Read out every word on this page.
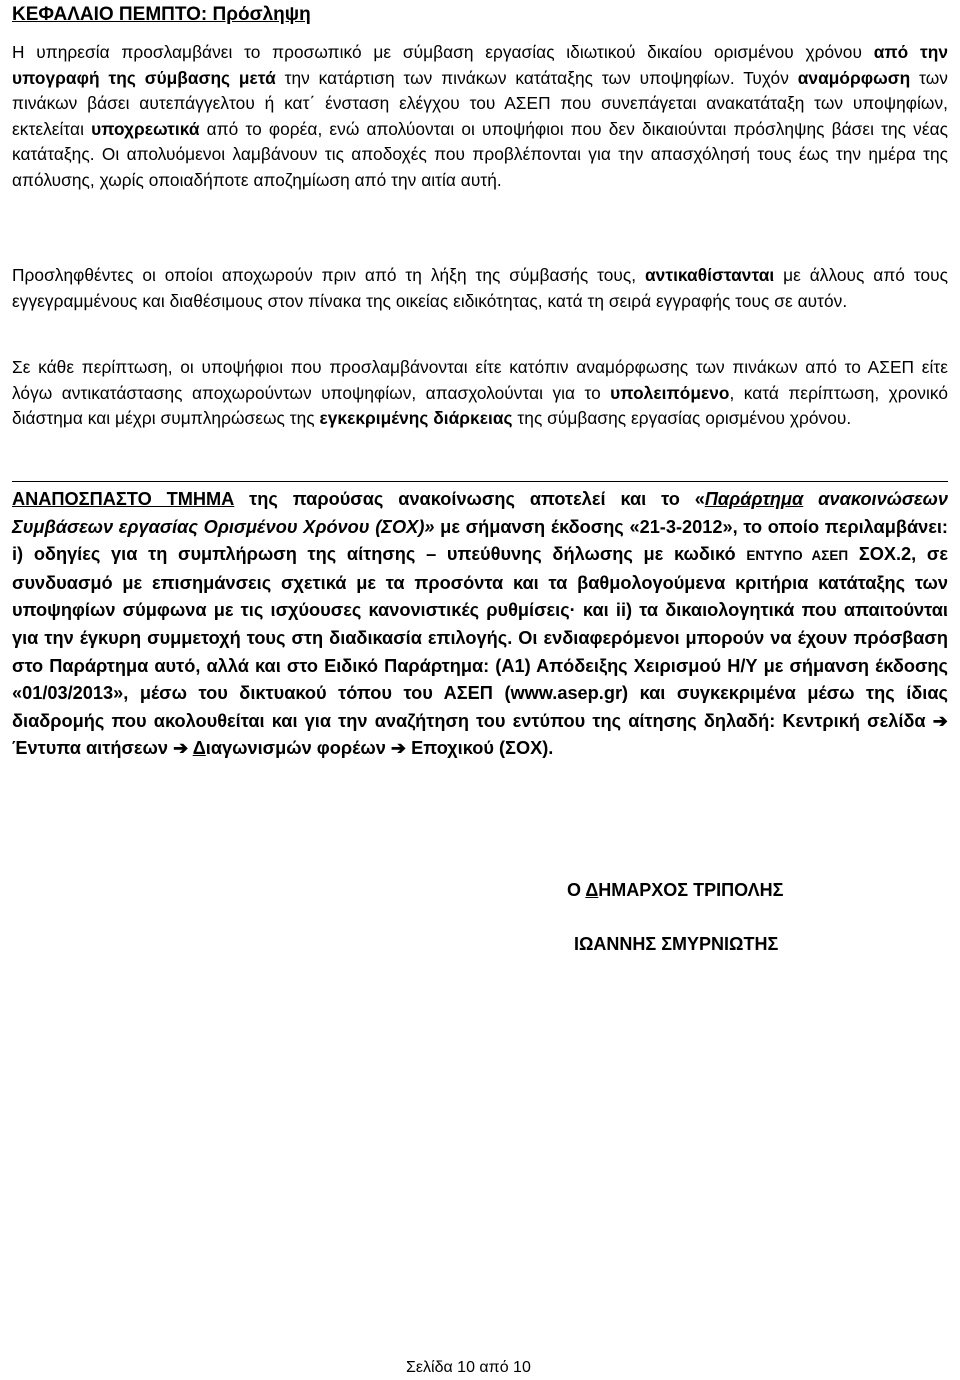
ΚΕΦΑΛΑΙΟ ΠΕΜΠΤΟ: Πρόσληψη

Η υπηρεσία προσλαμβάνει το προσωπικό με σύμβαση εργασίας ιδιωτικού δικαίου ορισμένου χρόνου από την υπογραφή της σύμβασης μετά την κατάρτιση των πινάκων κατάταξης των υποψηφίων. Τυχόν αναμόρφωση των πινάκων βάσει αυτεπάγγελτου ή κατ΄ ένσταση ελέγχου του ΑΣΕΠ που συνεπάγεται ανακατάταξη των υποψηφίων, εκτελείται υποχρεωτικά από το φορέα, ενώ απολύονται οι υποψήφιοι που δεν δικαιούνται πρόσληψης βάσει της νέας κατάταξης. Οι απολυόμενοι λαμβάνουν τις αποδοχές που προβλέπονται για την απασχόλησή τους έως την ημέρα της απόλυσης, χωρίς οποιαδήποτε αποζημίωση από την αιτία αυτή.

Προσληφθέντες οι οποίοι αποχωρούν πριν από τη λήξη της σύμβασής τους, αντικαθίστανται με άλλους από τους εγγεγραμμένους και διαθέσιμους στον πίνακα της οικείας ειδικότητας, κατά τη σειρά εγγραφής τους σε αυτόν.

Σε κάθε περίπτωση, οι υποψήφιοι που προσλαμβάνονται είτε κατόπιν αναμόρφωσης των πινάκων από το ΑΣΕΠ είτε λόγω αντικατάστασης αποχωρούντων υποψηφίων, απασχολούνται για το υπολειπόμενο, κατά περίπτωση, χρονικό διάστημα και μέχρι συμπληρώσεως της εγκεκριμένης διάρκειας της σύμβασης εργασίας ορισμένου χρόνου.

ΑΝΑΠΟΣΠΑΣΤΟ ΤΜΗΜΑ της παρούσας ανακοίνωσης αποτελεί και το «Παράρτημα ανακοινώσεων Συμβάσεων εργασίας Ορισμένου Χρόνου (ΣΟΧ)» με σήμανση έκδοσης «21-3-2012», το οποίο περιλαμβάνει: i) οδηγίες για τη συμπλήρωση της αίτησης – υπεύθυνης δήλωσης με κωδικό ΕΝΤΥΠΟ ΑΣΕΠ ΣΟΧ.2, σε συνδυασμό με επισημάνσεις σχετικά με τα προσόντα και τα βαθμολογούμενα κριτήρια κατάταξης των υποψηφίων σύμφωνα με τις ισχύουσες κανονιστικές ρυθμίσεις· και ii) τα δικαιολογητικά που απαιτούνται για την έγκυρη συμμετοχή τους στη διαδικασία επιλογής. Οι ενδιαφερόμενοι μπορούν να έχουν πρόσβαση στο Παράρτημα αυτό, αλλά και στο Ειδικό Παράρτημα: (Α1) Απόδειξης Χειρισμού Η/Υ με σήμανση έκδοσης «01/03/2013», μέσω του δικτυακού τόπου του ΑΣΕΠ (www.asep.gr) και συγκεκριμένα μέσω της ίδιας διαδρομής που ακολουθείται και για την αναζήτηση του εντύπου της αίτησης δηλαδή: Κεντρική σελίδα ➔ Έντυπα αιτήσεων ➔ Διαγωνισμών φορέων ➔ Εποχικού (ΣΟΧ).

Ο ΔΗΜΑΡΧΟΣ ΤΡΙΠΟΛΗΣ

ΙΩΑΝΝΗΣ ΣΜΥΡΝΙΩΤΗΣ

Σελίδα 10 από 10
